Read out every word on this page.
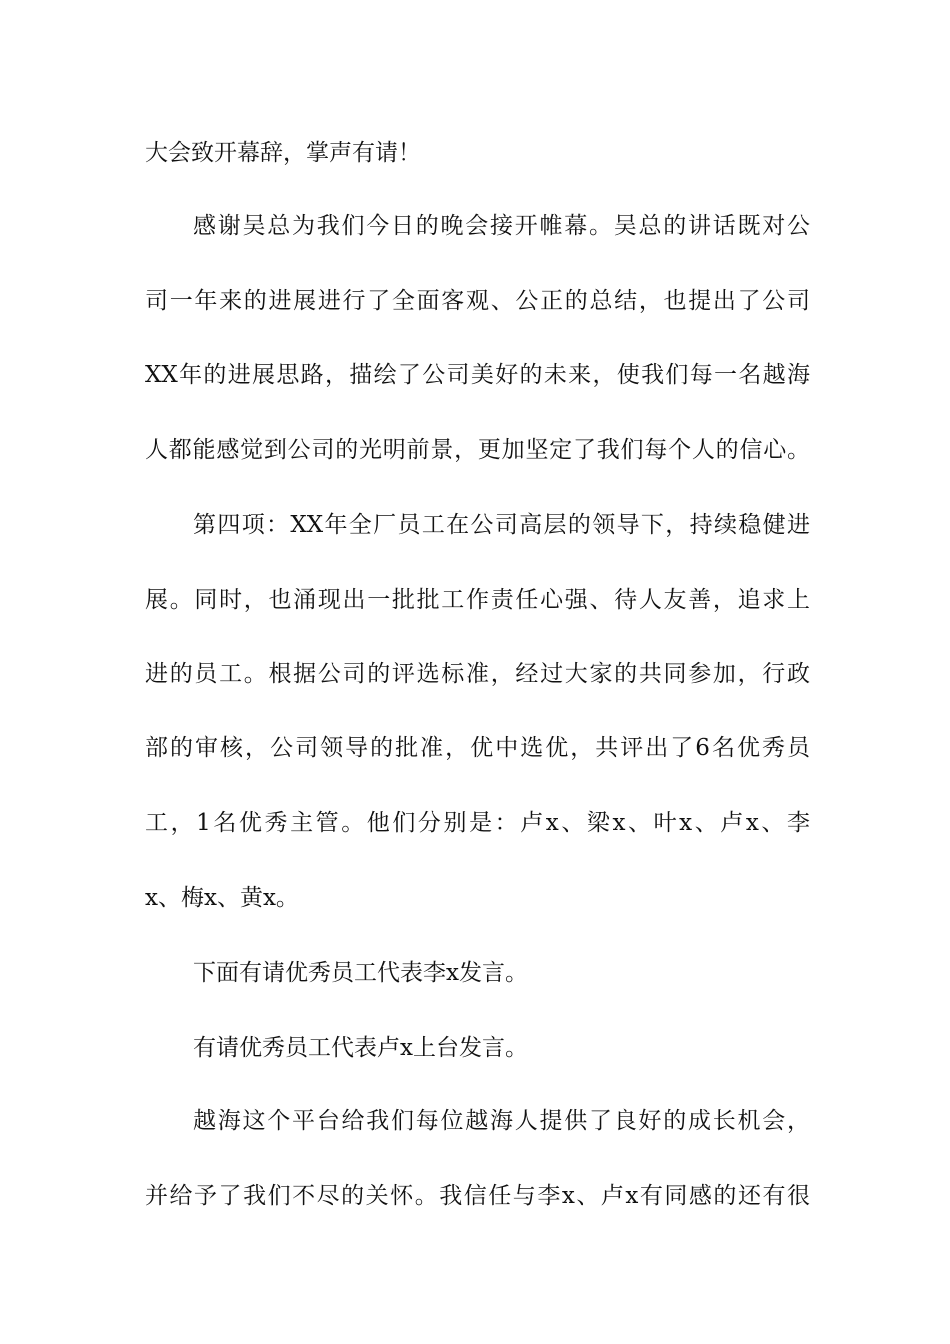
大会致开幕辞，掌声有请！
感谢吴总为我们今日的晚会接开帷幕。吴总的讲话既对公
司一年来的进展进行了全面客观、公正的总结，也提出了公司
XX年的进展思路，描绘了公司美好的未来，使我们每一名越海
人都能感觉到公司的光明前景，更加坚定了我们每个人的信心。
第四项：XX年全厂员工在公司高层的领导下，持续稳健进
展。同时，也涌现出一批批工作责任心强、待人友善，追求上
进的员工。根据公司的评选标准，经过大家的共同参加，行政
部的审核，公司领导的批准，优中选优，共评出了6名优秀员
工，1名优秀主管。他们分别是：卢x、梁x、叶x、卢x、李
x、梅x、黄x。
下面有请优秀员工代表李x发言。
有请优秀员工代表卢x上台发言。
越海这个平台给我们每位越海人提供了良好的成长机会，
并给予了我们不尽的关怀。我信任与李x、卢x有同感的还有很
